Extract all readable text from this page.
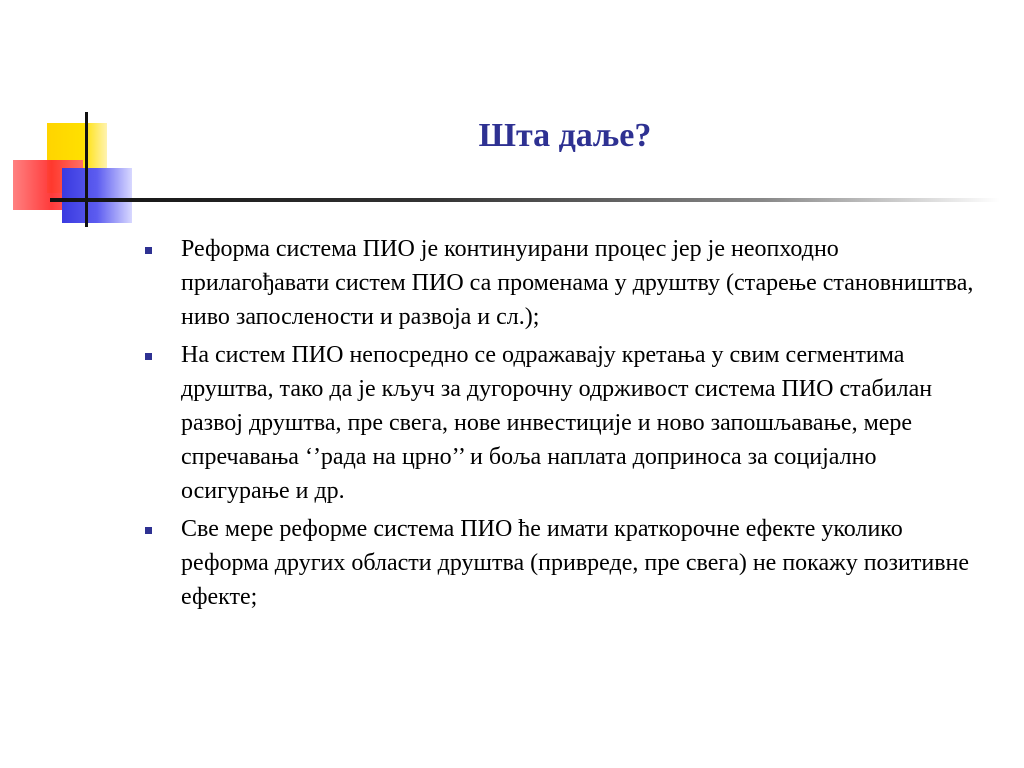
Шта даље?
Реформа система ПИО је континуирани процес јер је неопходно прилагођавати систем ПИО са променама у друштву (старење становништва, ниво запослености и развоја и сл.);
На систем ПИО непосредно се одражавају кретања у свим сегментима друштва, тако да је кључ за дугорочну одрживост система ПИО стабилан развој друштва, пре свега, нове инвестиције и ново запошљавање, мере спречавања ‘’рада на црно’’ и боља наплата доприноса за социјално осигурање и др.
Све мере реформе система ПИО ће имати краткорочне ефекте уколико реформа других области друштва (привреде, пре свега) не покажу позитивне ефекте;
